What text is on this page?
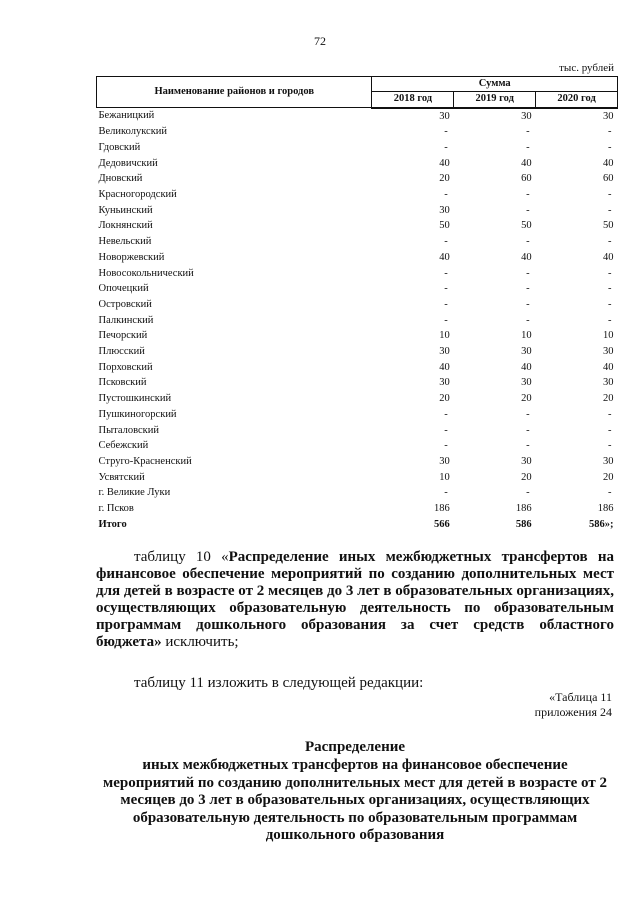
72
тыс. рублей
Наименование районов и городов	Сумма		
	2018 год	2019 год	2020 год
Бежаницкий	30	30	30
Великолукский	-	-	-
Гдовский	-	-	-
Дедовичский	40	40	40
Дновский	20	60	60
Красногородский	-	-	-
Куньинский	30	-	-
Локнянский	50	50	50
Невельский	-	-	-
Новоржевский	40	40	40
Новосокольнический	-	-	-
Опочецкий	-	-	-
Островский	-	-	-
Палкинский	-	-	-
Печорский	10	10	10
Плюсский	30	30	30
Порховский	40	40	40
Псковский	30	30	30
Пустошкинский	20	20	20
Пушкиногорский	-	-	-
Пыталовский	-	-	-
Себежский	-	-	-
Струго-Красненский	30	30	30
Усвятский	10	20	20
г. Великие Луки	-	-	-
г. Псков	186	186	186
Итого	566	586	586»;
таблицу 10 «Распределение иных межбюджетных трансфертов на финансовое обеспечение мероприятий по созданию дополнительных мест для детей в возрасте от 2 месяцев до 3 лет в образовательных организациях, осуществляющих образовательную деятельность по образовательным программам дошкольного образования за счет средств областного бюджета» исключить;
таблицу 11 изложить в следующей редакции:
«Таблица 11
приложения 24
Распределение
иных межбюджетных трансфертов на финансовое обеспечение мероприятий по созданию дополнительных мест для детей в возрасте от 2 месяцев до 3 лет в образовательных организациях, осуществляющих образовательную деятельность по образовательным программам дошкольного образования
